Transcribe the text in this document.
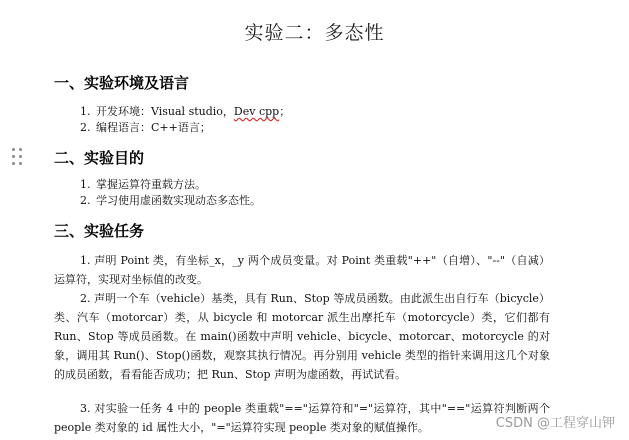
实验二：多态性
一、实验环境及语言
1. 开发环境：Visual studio，Dev cpp；
2. 编程语言：C++语言；
二、实验目的
1. 掌握运算符重载方法。
2. 学习使用虚函数实现动态多态性。
三、实验任务

1. 声明 Point 类，有坐标_x，_y 两个成员变量。对 Point 类重载"++"（自增）、"--"（自减）运算符，实现对坐标值的改变。

2. 声明一个车（vehicle）基类，具有 Run、Stop 等成员函数。由此派生出自行车（bicycle）类、汽车（motorcar）类，从 bicycle 和 motorcar 派生出摩托车（motorcycle）类，它们都有 Run、Stop 等成员函数。在 main()函数中声明 vehicle、bicycle、motorcar、motorcycle 的对象，调用其 Run()、Stop()函数，观察其执行情况。再分别用 vehicle 类型的指针来调用这几个对象的成员函数，看看能否成功；把 Run、Stop 声明为虚函数，再试试看。

3. 对实验一任务 4 中的 people 类重载"=="运算符和"="运算符，其中"=="运算符判断两个 people 类对象的 id 属性大小，"="运算符实现 people 类对象的赋值操作。	CSDN @工程穿山钾
